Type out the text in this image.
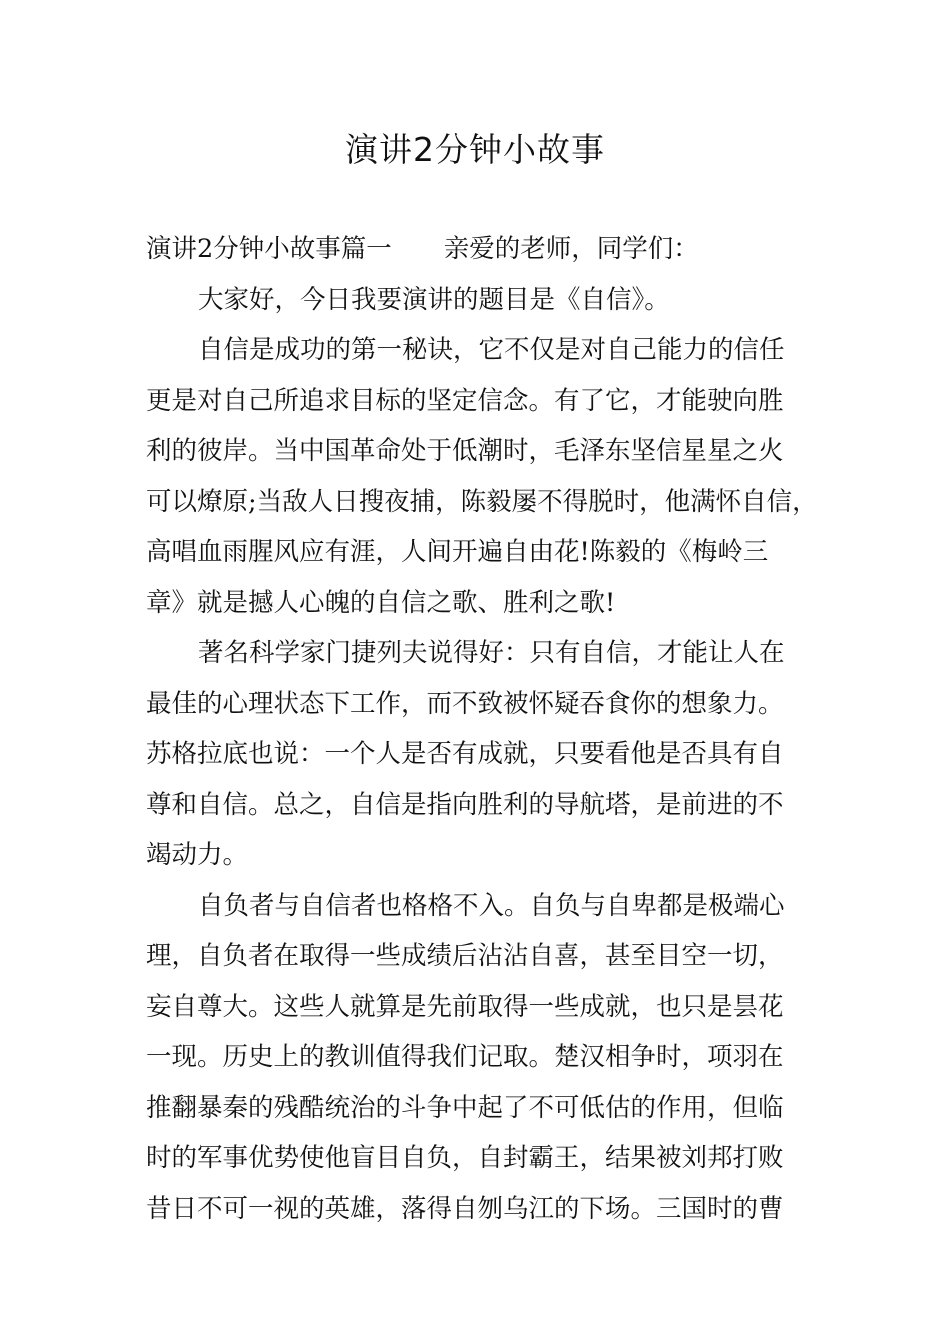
演讲2分钟小故事
演讲2分钟小故事篇一 亲爱的老师，同学们：
大家好，今日我要演讲的题目是《自信》。
自信是成功的第一秘诀，它不仅是对自己能力的信任
更是对自己所追求目标的坚定信念。有了它，才能驶向胜
利的彼岸。当中国革命处于低潮时，毛泽东坚信星星之火
可以燎原;当敌人日搜夜捕，陈毅屡不得脱时，他满怀自信，
高唱血雨腥风应有涯，人间开遍自由花!陈毅的《梅岭三
章》就是撼人心魄的自信之歌、胜利之歌!
著名科学家门捷列夫说得好：只有自信，才能让人在
最佳的心理状态下工作，而不致被怀疑吞食你的想象力。
苏格拉底也说：一个人是否有成就，只要看他是否具有自
尊和自信。总之，自信是指向胜利的导航塔，是前进的不
竭动力。
自负者与自信者也格格不入。自负与自卑都是极端心
理，自负者在取得一些成绩后沾沾自喜，甚至目空一切，
妄自尊大。这些人就算是先前取得一些成就，也只是昙花
一现。历史上的教训值得我们记取。楚汉相争时，项羽在
推翻暴秦的残酷统治的斗争中起了不可低估的作用，但临
时的军事优势使他盲目自负，自封霸王，结果被刘邦打败
昔日不可一视的英雄，落得自刎乌江的下场。三国时的曹
